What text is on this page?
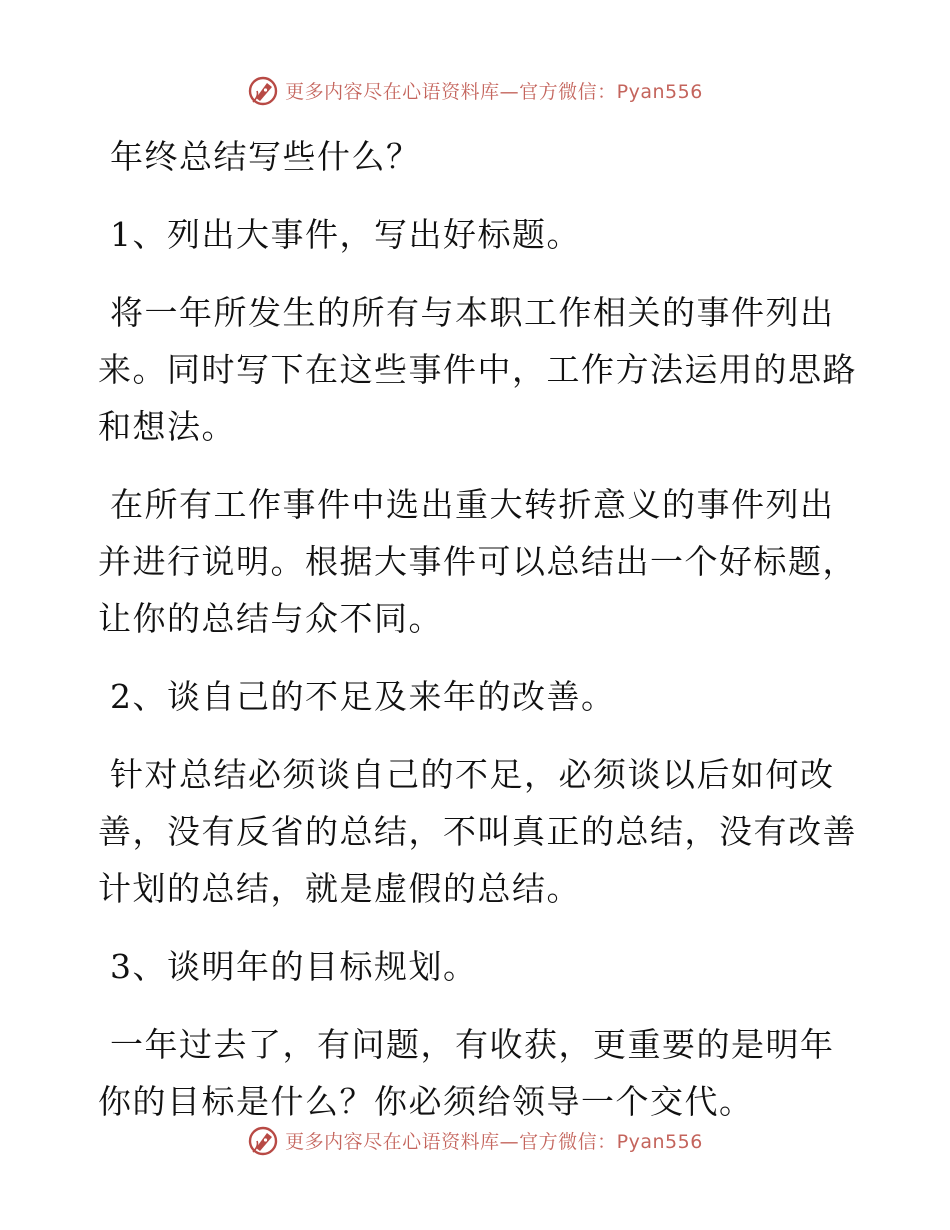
更多内容尽在心语资料库—官方微信：Pyan556

年终总结写些什么？

1、列出大事件，写出好标题。

将一年所发生的所有与本职工作相关的事件列出来。同时写下在这些事件中，工作方法运用的思路和想法。

在所有工作事件中选出重大转折意义的事件列出并进行说明。根据大事件可以总结出一个好标题，让你的总结与众不同。

2、谈自己的不足及来年的改善。

针对总结必须谈自己的不足，必须谈以后如何改善，没有反省的总结，不叫真正的总结，没有改善计划的总结，就是虚假的总结。

3、谈明年的目标规划。

一年过去了，有问题，有收获，更重要的是明年你的目标是什么？你必须给领导一个交代。

更多内容尽在心语资料库—官方微信：Pyan556
